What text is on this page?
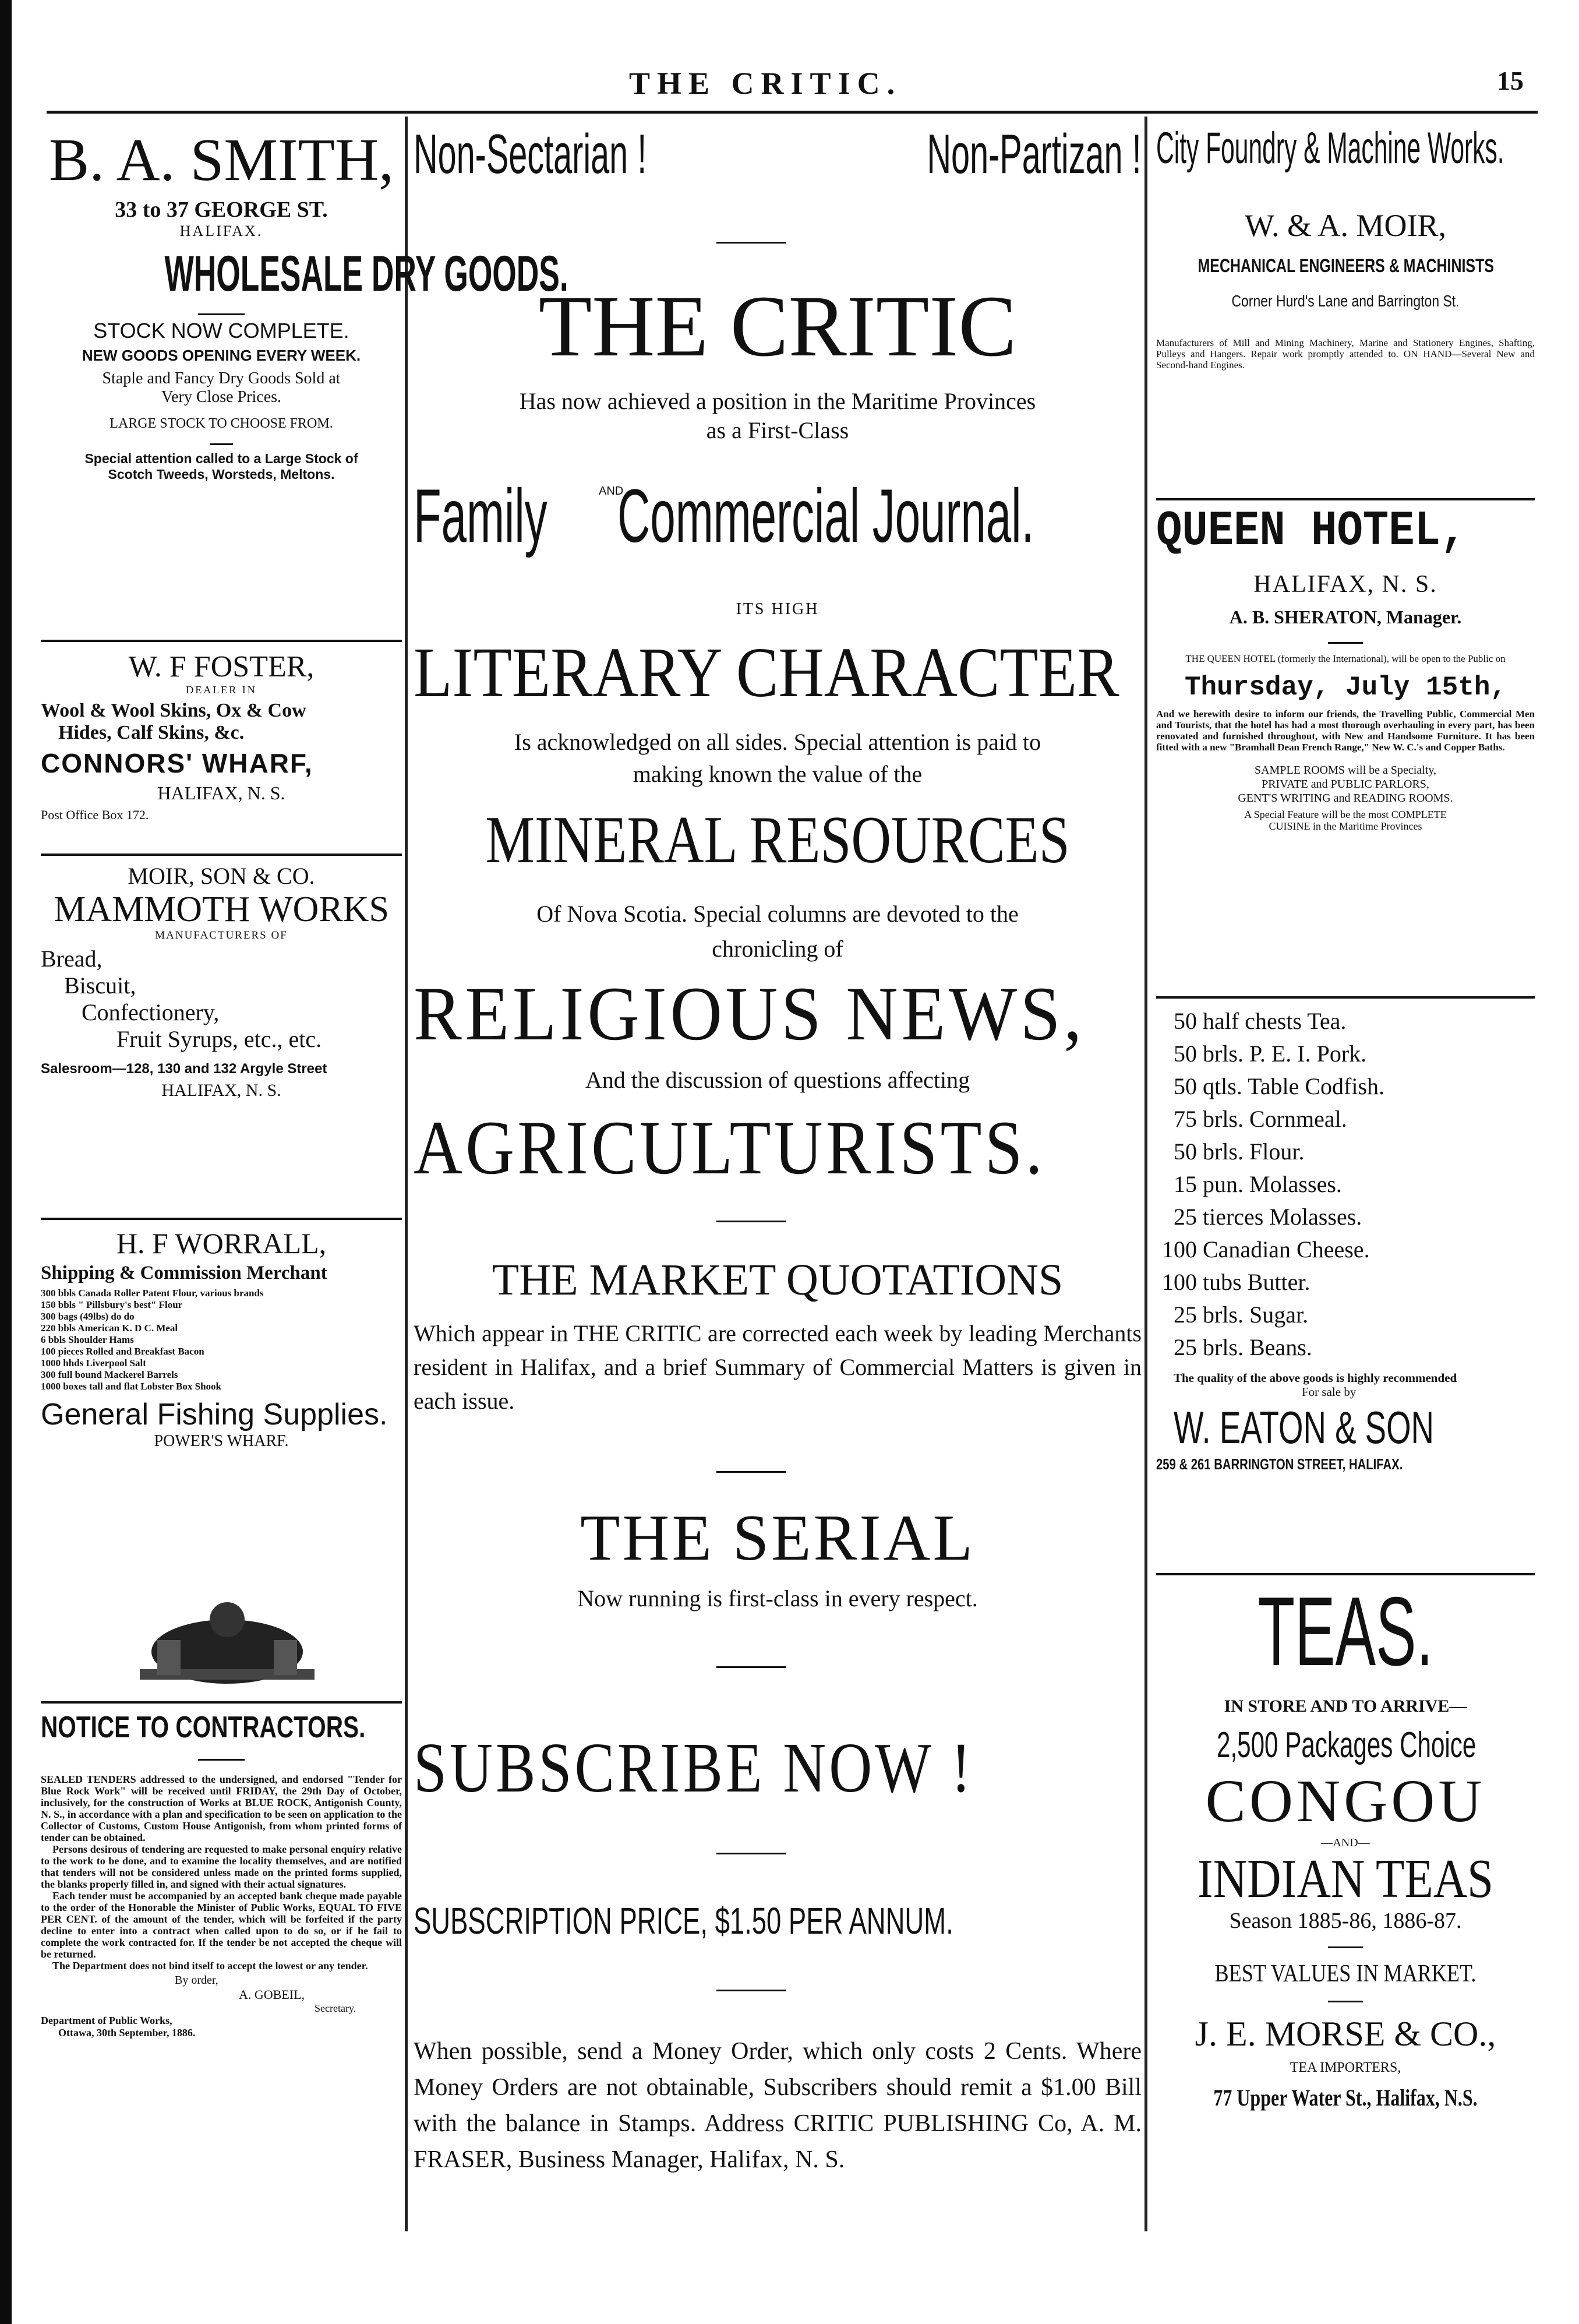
THE CRITIC.	15
B. A. SMITH,
33 to 37 GEORGE ST.
HALIFAX.
WHOLESALE DRY GOODS.
STOCK NOW COMPLETE.
NEW GOODS OPENING EVERY WEEK.
Staple and Fancy Dry Goods Sold at
Very Close Prices.
LARGE STOCK TO CHOOSE FROM.
Special attention called to a Large Stock of
Scotch Tweeds, Worsteds, Meltons.
W. F FOSTER,
DEALER IN
Wool & Wool Skins, Ox & Cow
Hides, Calf Skins, &c.
CONNORS' WHARF,
HALIFAX, N. S.
Post Office Box 172.
MOIR, SON & CO.
MAMMOTH WORKS
MANUFACTURERS OF
Bread,
Biscuit,
Confectionery,
Fruit Syrups, etc., etc.
Salesroom—128, 130 and 132 Argyle Street
HALIFAX, N. S.
H. F WORRALL,
Shipping & Commission Merchant
300 bbls Canada Roller Patent Flour, various brands
150 bbls " Pillsbury's best" Flour
300 bags (49lbs) do do
220 bbls American K. D C. Meal
6 bbls Shoulder Hams
100 pieces Rolled and Breakfast Bacon
1000 hhds Liverpool Salt
300 full bound Mackerel Barrels
1000 boxes tall and flat Lobster Box Shook
General Fishing Supplies.
POWER'S WHARF.
NOTICE TO CONTRACTORS.

SEALED TENDERS addressed to the undersigned, and endorsed "Tender for Blue Rock Work" will be received until FRIDAY, the 29th Day of October, inclusively, for the construction of Works at BLUE ROCK, Antigonish County, N. S., in accordance with a plan and specification to be seen on application to the Collector of Customs, Custom House Antigonish, from whom printed forms of tender can be obtained.

Persons desirous of tendering are requested to make personal enquiry relative to the work to be done, and to examine the locality themselves, and are notified that tenders will not be considered unless made on the printed forms supplied, the blanks properly filled in, and signed with their actual signatures.

Each tender must be accompanied by an accepted bank cheque made payable to the order of the Honorable the Minister of Public Works, EQUAL TO FIVE PER CENT. of the amount of the tender, which will be forfeited if the party decline to enter into a contract when called upon to do so, or if he fail to complete the work contracted for. If the tender be not accepted the cheque will be returned.

The Department does not bind itself to accept the lowest or any tender.

By order,
A. GOBEIL,
Secretary.
Department of Public Works,
Ottawa, 30th September, 1886.
Non-Sectarian !	Non-Partizan !
THE CRITIC
Has now achieved a position in the Maritime Provinces
as a First-Class
Family	AND
Commercial Journal.
ITS HIGH
LITERARY CHARACTER
Is acknowledged on all sides. Special attention is paid to
making known the value of the
MINERAL RESOURCES
Of Nova Scotia. Special columns are devoted to the
chronicling of
RELIGIOUS NEWS,
And the discussion of questions affecting
AGRICULTURISTS.
THE MARKET QUOTATIONS
Which appear in THE CRITIC are corrected each week by leading Merchants resident in Halifax, and a brief Summary of Commercial Matters is given in each issue.
THE SERIAL
Now running is first-class in every respect.
SUBSCRIBE NOW !
SUBSCRIPTION PRICE, $1.50 PER ANNUM.
When possible, send a Money Order, which only costs 2 Cents. Where Money Orders are not obtainable, Subscribers should remit a $1.00 Bill with the balance in Stamps. Address CRITIC PUBLISHING Co, A. M. FRASER, Business Manager, Halifax, N. S.
City Foundry & Machine Works.
W. & A. MOIR,
MECHANICAL ENGINEERS & MACHINISTS
Corner Hurd's Lane and Barrington St.
Manufacturers of Mill and Mining Machinery, Marine and Stationery Engines, Shafting, Pulleys and Hangers. Repair work promptly attended to. ON HAND—Several New and Second-hand Engines.
QUEEN HOTEL,
HALIFAX, N. S.
A. B. SHERATON, Manager.
THE QUEEN HOTEL (formerly the International), will be open to the Public on
Thursday, July 15th,
And we herewith desire to inform our friends, the Travelling Public, Commercial Men and Tourists, that the hotel has had a most thorough overhauling in every part, has been renovated and furnished throughout, with New and Handsome Furniture. It has been fitted with a new "Bramhall Dean French Range," New W. C.'s and Copper Baths.
SAMPLE ROOMS will be a Specialty,
PRIVATE and PUBLIC PARLORS,
GENT'S WRITING and READING ROOMS.
A Special Feature will be the most COMPLETE
CUISINE in the Maritime Provinces
50 half chests Tea.
50 brls. P. E. I. Pork.
50 qtls. Table Codfish.
75 brls. Cornmeal.
50 brls. Flour.
15 pun. Molasses.
25 tierces Molasses.
100 Canadian Cheese.
100 tubs Butter.
25 brls. Sugar.
25 brls. Beans.
The quality of the above goods is highly recommended
For sale by
W. EATON & SON
259 & 261 BARRINGTON STREET, HALIFAX.
TEAS.
IN STORE AND TO ARRIVE—
2,500 Packages Choice
CONGOU
—AND—
INDIAN TEAS
Season 1885-86, 1886-87.
BEST VALUES IN MARKET.
J. E. MORSE & CO.,
TEA IMPORTERS,
77 Upper Water St., Halifax, N.S.
